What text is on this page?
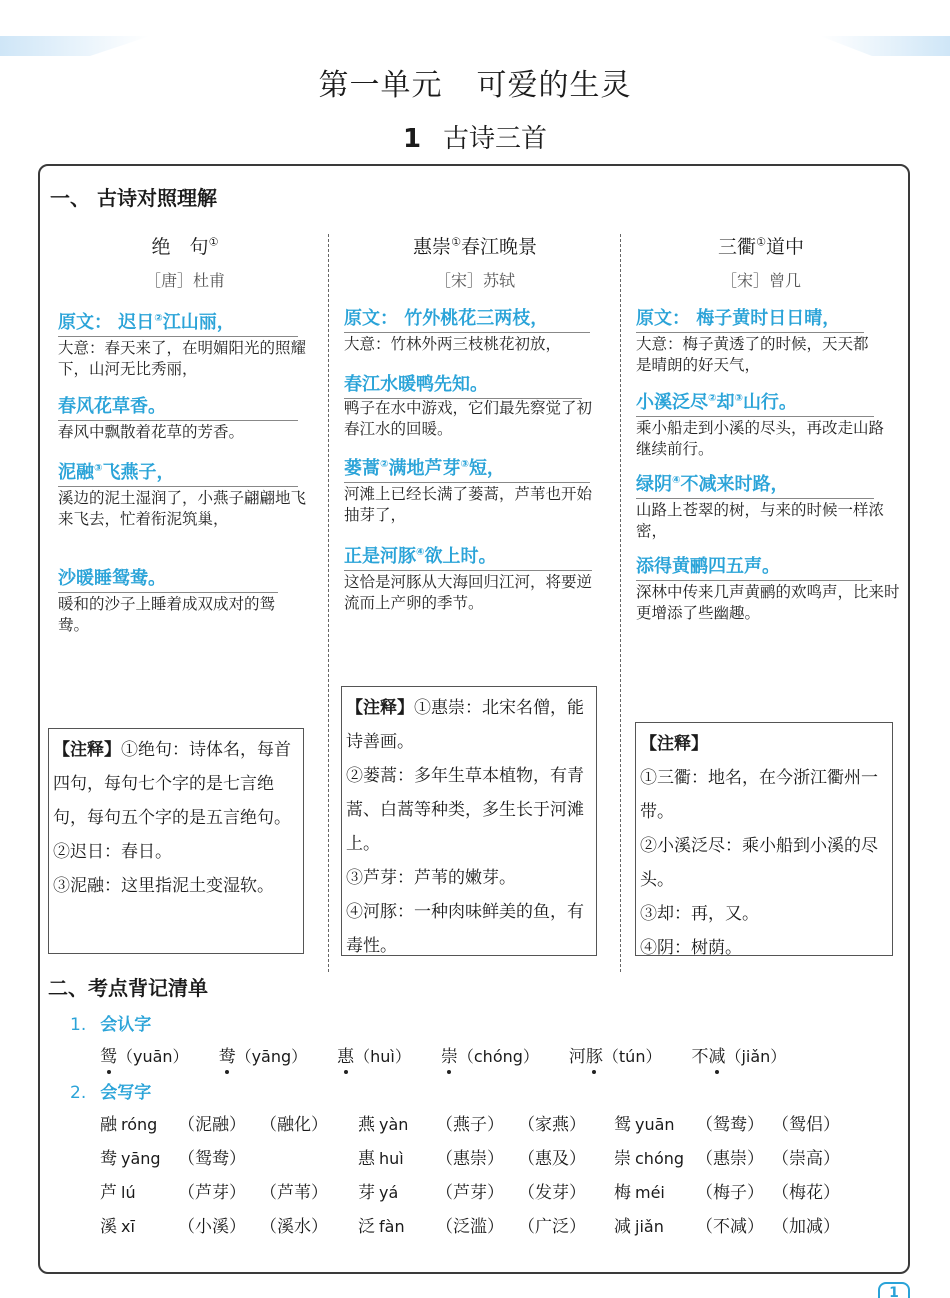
第一单元 可爱的生灵
1 古诗三首
一、 古诗对照理解
绝　句①
［唐］杜甫
原文： 迟日②江山丽，
大意：春天来了，在明媚阳光的照耀下，山河无比秀丽，
春风花草香。
春风中飘散着花草的芳香。
泥融③飞燕子，
溪边的泥土湿润了，小燕子翩翩地飞来飞去，忙着衔泥筑巢，
沙暖睡鸳鸯。
暖和的沙子上睡着成双成对的鸳鸯。
【注释】①绝句：诗体名，每首四句，每句七个字的是七言绝句，每句五个字的是五言绝句。
②迟日：春日。
③泥融：这里指泥土变湿软。
惠崇①春江晚景
［宋］苏轼
原文： 竹外桃花三两枝，
大意：竹林外两三枝桃花初放，
春江水暖鸭先知。
鸭子在水中游戏，它们最先察觉了初春江水的回暖。
蒌蒿②满地芦芽③短，
河滩上已经长满了蒌蒿，芦苇也开始抽芽了，
正是河豚④欲上时。
这恰是河豚从大海回归江河，将要逆流而上产卵的季节。
【注释】①惠崇：北宋名僧，能诗善画。
②蒌蒿：多年生草本植物，有青蒿、白蒿等种类，多生长于河滩上。
③芦芽：芦苇的嫩芽。
④河豚：一种肉味鲜美的鱼，有毒性。
三衢①道中
［宋］曾几
原文： 梅子黄时日日晴，
大意：梅子黄透了的时候，天天都是晴朗的好天气，
小溪泛尽②却③山行。
乘小船走到小溪的尽头，再改走山路继续前行。
绿阴④不减来时路，
山路上苍翠的树，与来的时候一样浓密，
添得黄鹂四五声。
深林中传来几声黄鹂的欢鸣声，比来时更增添了些幽趣。
【注释】
①三衢：地名，在今浙江衢州一带。
②小溪泛尽：乘小船到小溪的尽头。
③却：再，又。
④阴：树荫。
二、考点背记清单
1. 会认字
鸳（yuān） 鸯（yāng） 惠（huì） 崇（chóng） 河豚（tún） 不减（jiǎn）
2. 会写字
融 róng （泥融） （融化） 燕 yàn （燕子） （家燕） 鸳 yuān （鸳鸯） （鸳侣）
鸯 yāng （鸳鸯）	惠 huì （惠崇） （惠及） 崇 chóng （惠崇） （崇高）
芦 lú （芦芽） （芦苇） 芽 yá （芦芽） （发芽） 梅 méi （梅子） （梅花）
溪 xī	（小溪） （溪水） 泛 fàn （泛滥） （广泛） 减 jiǎn （不减） （加减）
1
